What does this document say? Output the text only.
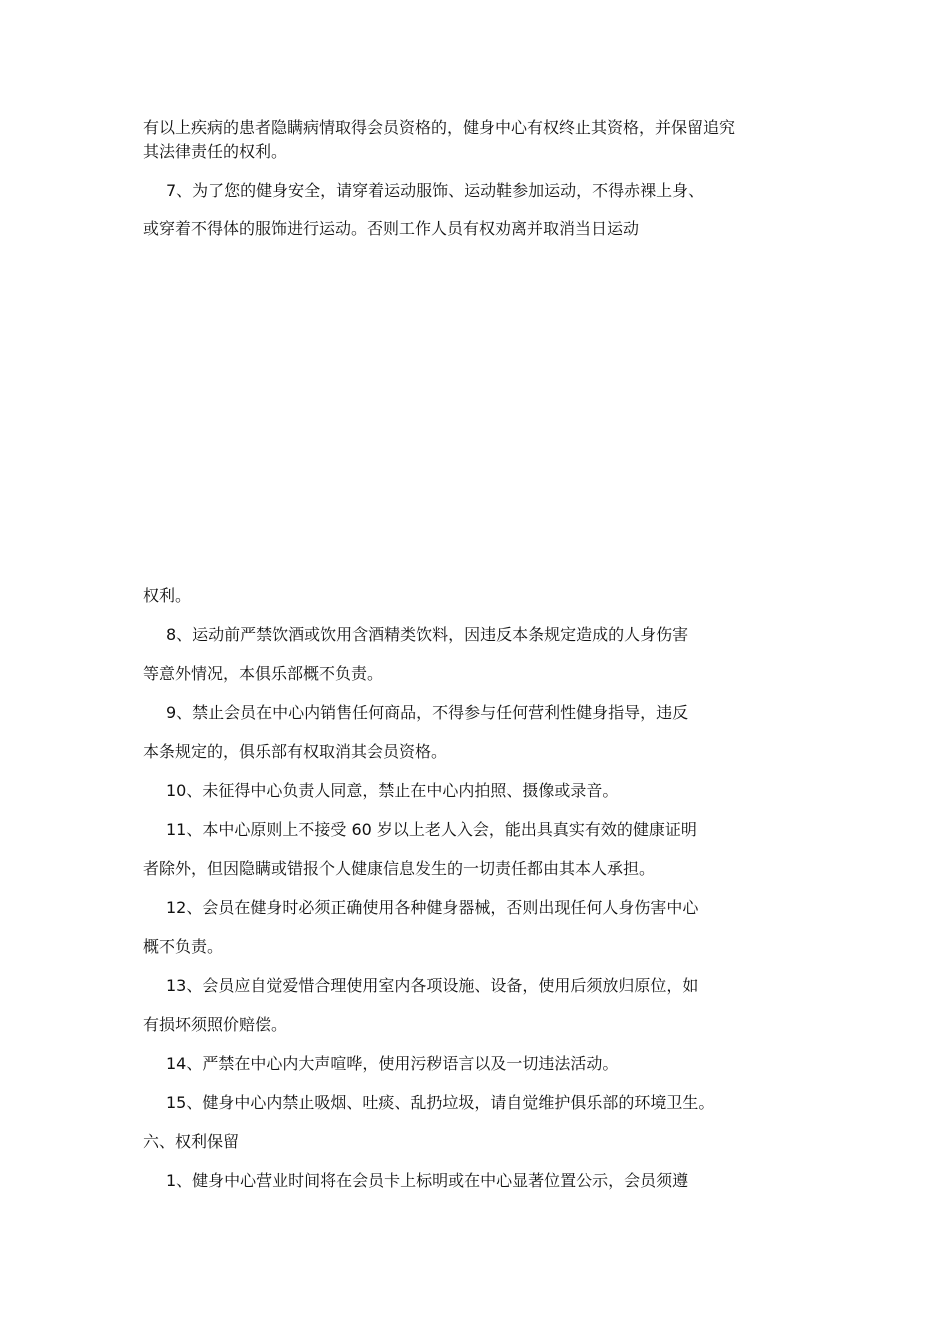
有以上疾病的患者隐瞒病情取得会员资格的，健身中心有权终止其资格，并保留追究
其法律责任的权利。
7、为了您的健身安全，请穿着运动服饰、运动鞋参加运动，不得赤裸上身、
或穿着不得体的服饰进行运动。否则工作人员有权劝离并取消当日运动
权利。
8、运动前严禁饮酒或饮用含酒精类饮料，因违反本条规定造成的人身伤害
等意外情况，本俱乐部概不负责。
9、禁止会员在中心内销售任何商品，不得参与任何营利性健身指导，违反
本条规定的，俱乐部有权取消其会员资格。
10、未征得中心负责人同意，禁止在中心内拍照、摄像或录音。
11、本中心原则上不接受 60 岁以上老人入会，能出具真实有效的健康证明
者除外，但因隐瞒或错报个人健康信息发生的一切责任都由其本人承担。
12、会员在健身时必须正确使用各种健身器械，否则出现任何人身伤害中心
概不负责。
13、会员应自觉爱惜合理使用室内各项设施、设备，使用后须放归原位，如
有损坏须照价赔偿。
14、严禁在中心内大声喧哗，使用污秽语言以及一切违法活动。
15、健身中心内禁止吸烟、吐痰、乱扔垃圾，请自觉维护俱乐部的环境卫生。
六、权利保留
1、健身中心营业时间将在会员卡上标明或在中心显著位置公示，会员须遵
